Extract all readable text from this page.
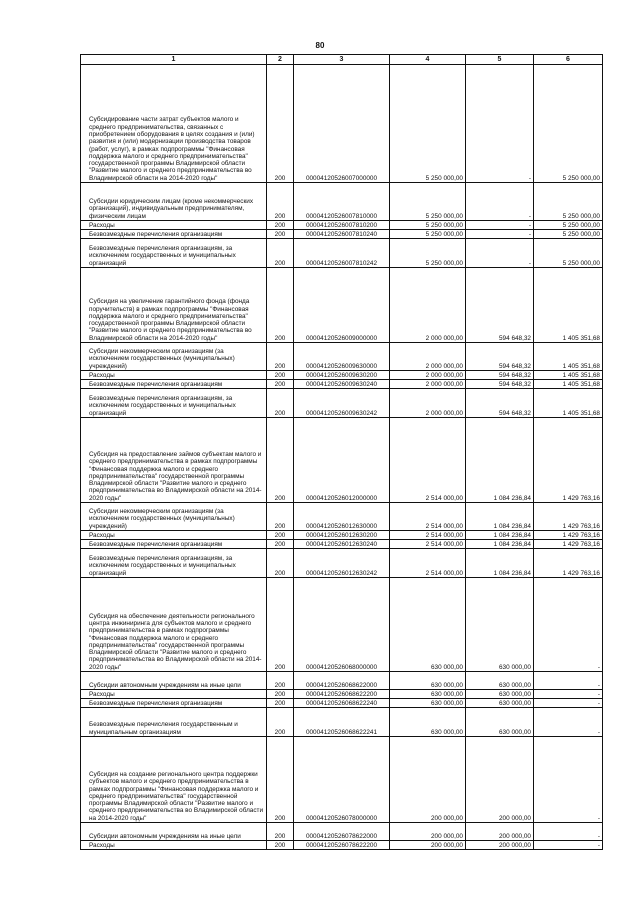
80
1	2	3	4	5	6
Субсидирование части затрат субъектов малого и среднего предпринимательства, связанных с приобретением оборудования в целях создания и (или) развития и (или) модернизации производства товаров (работ, услуг), в рамках подпрограммы "Финансовая поддержка малого и среднего предпринимательства" государственной программы Владимирской области "Развитие малого и среднего предпринимательства во Владимирской области на 2014-2020 годы"	200	00004120526007000000	5 250 000,00	-	5 250 000,00
Субсидии юридическим лицам (кроме некоммерческих организаций), индивидуальным предпринимателям, физическим лицам	200	00004120526007810000	5 250 000,00	-	5 250 000,00
Расходы	200	00004120526007810200	5 250 000,00	-	5 250 000,00
Безвозмездные перечисления организациям	200	00004120526007810240	5 250 000,00	-	5 250 000,00
Безвозмездные перечисления организациям, за исключением государственных и муниципальных организаций	200	00004120526007810242	5 250 000,00	-	5 250 000,00
Субсидия на увеличение гарантийного фонда (фонда поручительств) в рамках подпрограммы "Финансовая поддержка малого и среднего предпринимательства" государственной программы Владимирской области "Развитие малого и среднего предпринимательства во Владимирской области на 2014-2020 годы"	200	00004120526009000000	2 000 000,00	594 648,32	1 405 351,68
Субсидии некоммерческим организациям (за исключением государственных (муниципальных) учреждений)	200	00004120526009630000	2 000 000,00	594 648,32	1 405 351,68
Расходы	200	00004120526009630200	2 000 000,00	594 648,32	1 405 351,68
Безвозмездные перечисления организациям	200	00004120526009630240	2 000 000,00	594 648,32	1 405 351,68
Безвозмездные перечисления организациям, за исключением государственных и муниципальных организаций	200	00004120526009630242	2 000 000,00	594 648,32	1 405 351,68
Субсидия на предоставление займов субъектам малого и среднего предпринимательства в рамках подпрограммы "Финансовая поддержка малого и среднего предпринимательства" государственной программы Владимирской области "Развитие малого и среднего предпринимательства во Владимирской области на 2014-2020 годы"	200	00004120526012000000	2 514 000,00	1 084 236,84	1 429 763,16
Субсидии некоммерческим организациям (за исключением государственных (муниципальных) учреждений)	200	00004120526012630000	2 514 000,00	1 084 236,84	1 429 763,16
Расходы	200	00004120526012630200	2 514 000,00	1 084 236,84	1 429 763,16
Безвозмездные перечисления организациям	200	00004120526012630240	2 514 000,00	1 084 236,84	1 429 763,16
Безвозмездные перечисления организациям, за исключением государственных и муниципальных организаций	200	00004120526012630242	2 514 000,00	1 084 236,84	1 429 763,16
Субсидия на обеспечение деятельности регионального центра инжиниринга для субъектов малого и среднего предпринимательства в рамках подпрограммы "Финансовая поддержка малого и среднего предпринимательства" государственной программы Владимирской области "Развитие малого и среднего предпринимательства во Владимирской области на 2014-2020 годы"	200	00004120526068000000	630 000,00	630 000,00	-
Субсидии автономным учреждениям на иные цели	200	00004120526068622000	630 000,00	630 000,00	-
Расходы	200	00004120526068622200	630 000,00	630 000,00	-
Безвозмездные перечисления организациям	200	00004120526068622240	630 000,00	630 000,00	-
Безвозмездные перечисления государственным и муниципальным организациям	200	00004120526068622241	630 000,00	630 000,00	-
Субсидия на создание регионального центра поддержки субъектов малого и среднего предпринимательства в рамках подпрограммы "Финансовая поддержка малого и среднего предпринимательства" государственной программы Владимирской области "Развитие малого и среднего предпринимательства во Владимирской области на 2014-2020 годы"	200	00004120526078000000	200 000,00	200 000,00	-
Субсидии автономным учреждениям на иные цели	200	00004120526078622000	200 000,00	200 000,00	-
Расходы	200	00004120526078622200	200 000,00	200 000,00	-
